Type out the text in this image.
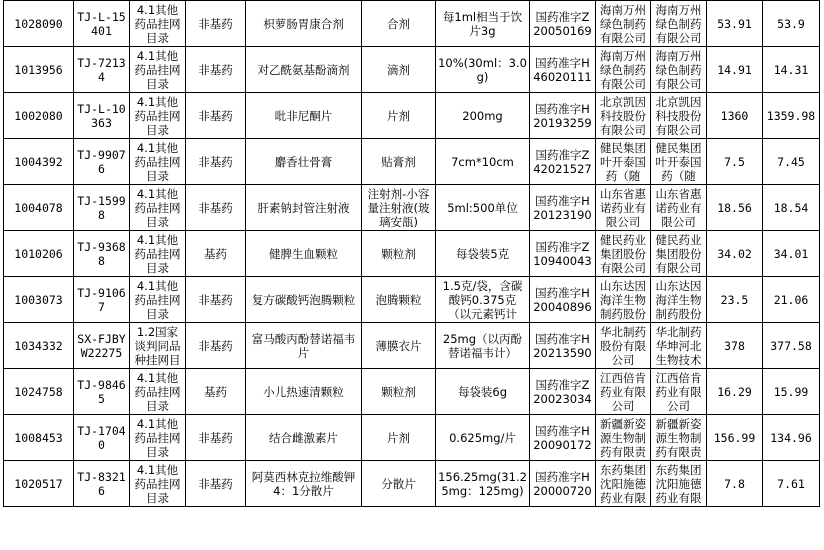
1028090	TJ-L-15401	4.1其他药品挂网目录	非基药	枳萝肠胃康合剂	合剂	每1ml相当于饮片3g	国药准字Z20050169	海南万州绿色制药有限公司	海南万州绿色制药有限公司	53.91	53.9
1013956	TJ-72134	4.1其他药品挂网目录	非基药	对乙酰氨基酚滴剂	滴剂	10%(30ml：3.0g)	国药准字H46020111	海南万州绿色制药有限公司	海南万州绿色制药有限公司	14.91	14.31
1002080	TJ-L-10363	4.1其他药品挂网目录	非基药	吡非尼酮片	片剂	200mg	国药准字H20193259	北京凯因科技股份有限公司	北京凯因科技股份有限公司	1360	1359.98
1004392	TJ-99076	4.1其他药品挂网目录	非基药	麝香壮骨膏	贴膏剂	7cm*10cm	国药准字Z42021527	健民集团叶开泰国药（随	健民集团叶开泰国药（随	7.5	7.45
1004078	TJ-15998	4.1其他药品挂网目录	非基药	肝素钠封管注射液	注射剂-小容量注射液(玻璃安瓿)	5ml:500单位	国药准字H20123190	山东省惠诺药业有限公司	山东省惠诺药业有限公司	18.56	18.54
1010206	TJ-93688	4.1其他药品挂网目录	基药	健脾生血颗粒	颗粒剂	每袋装5克	国药准字Z10940043	健民药业集团股份有限公司	健民药业集团股份有限公司	34.02	34.01
1003073	TJ-91067	4.1其他药品挂网目录	非基药	复方碳酸钙泡腾颗粒	泡腾颗粒	1.5克/袋，含碳酸钙0.375克（以元素钙计	国药准字H20040896	山东达因海洋生物制药股份	山东达因海洋生物制药股份	23.5	21.06
1034332	SX-FJBYW22275	1.2国家谈判同品种挂网目	非基药	富马酸丙酚替诺福韦片	薄膜衣片	25mg（以丙酚替诺福韦计）	国药准字H20213590	华北制药股份有限公司	华北制药华坤河北生物技术	378	377.58
1024758	TJ-98465	4.1其他药品挂网目录	基药	小儿热速清颗粒	颗粒剂	每袋装6g	国药准字Z20023034	江西倍肯药业有限公司	江西倍肯药业有限公司	16.29	15.99
1008453	TJ-17040	4.1其他药品挂网目录	非基药	结合雌激素片	片剂	0.625mg/片	国药准字H20090172	新疆新姿源生物制药有限责	新疆新姿源生物制药有限责	156.99	134.96
1020517	TJ-83216	4.1其他药品挂网目录	非基药	阿莫西林克拉维酸钾4：1分散片	分散片	156.25mg(31.25mg：125mg)	国药准字H20000720	东药集团沈阳施德药业有限	东药集团沈阳施德药业有限	7.8	7.61
